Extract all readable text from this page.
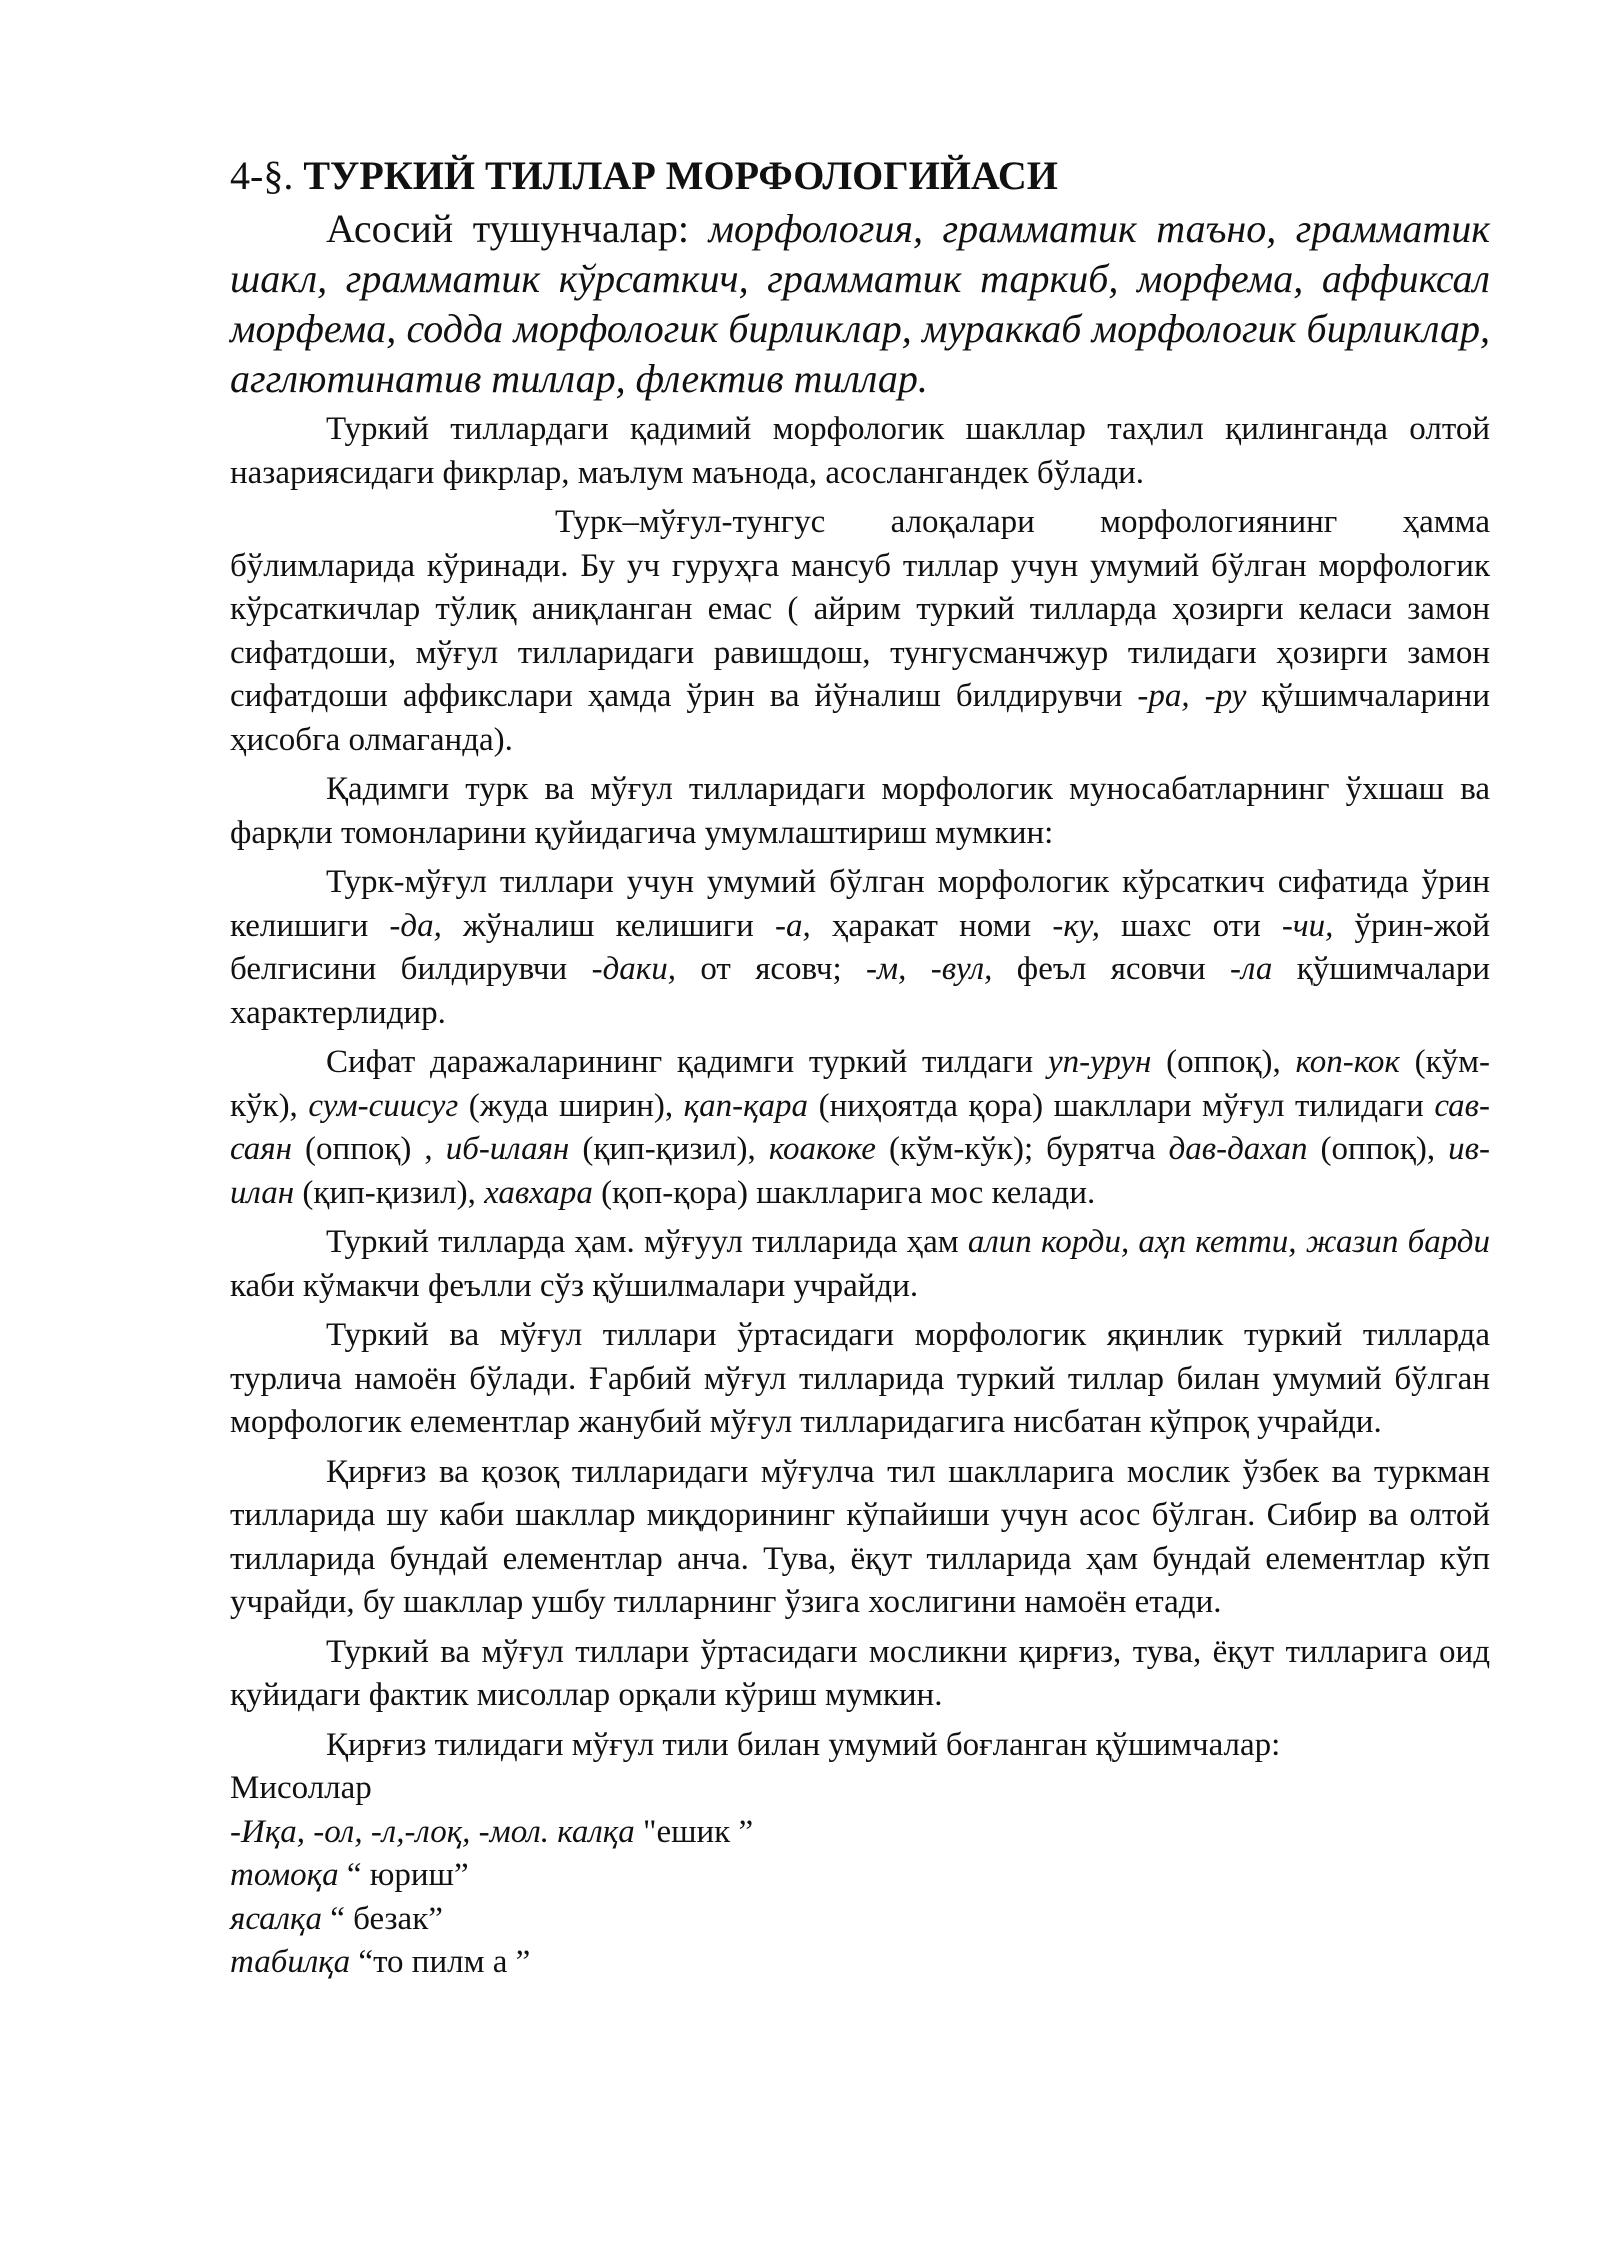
4-§. ТУРКИЙ ТИЛЛАР МОРФОЛОГИЙАСИ

Асосий тушунчалар: морфология, грамматик таъно, грамматик шакл, грамматик кўрсаткич, грамматик таркиб, морфема, аффиксал морфема, содда морфологик бирликлар, мураккаб морфологик бирликлар, агглютинатив тиллар, флектив тиллар.

Туркий тиллардаги қадимий морфологик шакллар таҳлил қилинганда олтой назариясидаги фикрлар, маълум маънода, асослангандек бўлади.

Турк–мўғул-тунгус алоқалари морфологиянинг ҳамма бўлимларида кўринади. Бу уч гуруҳга мансуб тиллар учун умумий бўлган морфологик кўрсаткичлар тўлиқ аниқланган емас ( айрим туркий тилларда ҳозирги келаси замон сифатдоши, мўғул тилларидаги равишдош, тунгусманчжур тилидаги ҳозирги замон сифатдоши аффикслари ҳамда ўрин ва йўналиш билдирувчи -ра, -ру қўшимчаларини ҳисобга олмаганда).

Қадимги турк ва мўғул тилларидаги морфологик муносабатларнинг ўхшаш ва фарқли томонларини қуйидагича умумлаштириш мумкин:

Турк-мўғул тиллари учун умумий бўлган морфологик кўрсаткич сифатида ўрин келишиги -да, жўналиш келишиги -а, ҳаракат номи -ку, шахс оти -чи, ўрин-жой белгисини билдирувчи -даки, от ясовч; -м, -вул, феъл ясовчи -ла қўшимчалари характерлидир.

Сифат даражаларининг қадимги туркий тилдаги уп-урун (оппоқ), коп-кок (кўм-кўк), сум-сиисуг (жуда ширин), қап-қара (ниҳоятда қора) шакллари мўғул тилидаги сав-саян (оппоқ) , иб-илаян (қип-қизил), коакоке (кўм-кўк); бурятча дав-дахап (оппоқ), ив-илан (қип-қизил), хавхара (қоп-қора) шаклларига мос келади.

Туркий тилларда ҳам. мўғуул тилларида ҳам алип корди, аҳп кетти, жазип барди каби кўмакчи феълли сўз қўшилмалари учрайди.

Туркий ва мўғул тиллари ўртасидаги морфологик яқинлик туркий тилларда турлича намоён бўлади. Ғарбий мўғул тилларида туркий тиллар билан умумий бўлган морфологик елементлар жанубий мўғул тилларидагига нисбатан кўпроқ учрайди.

Қирғиз ва қозоқ тилларидаги мўғулча тил шаклларига мослик ўзбек ва туркман тилларида шу каби шакллар миқдорининг кўпайиши учун асос бўлган. Сибир ва олтой тилларида бундай елементлар анча. Тува, ёқут тилларида ҳам бундай елементлар кўп учрайди, бу шакллар ушбу тилларнинг ўзига хослигини намоён етади.

Туркий ва мўғул тиллари ўртасидаги мосликни қирғиз, тува, ёқут тилларига оид қуйидаги фактик мисоллар орқали кўриш мумкин.

Қирғиз тилидаги мўғул тили билан умумий боғланган қўшимчалар:

Мисоллар

-Иқа, -ол, -л,-лоқ, -мол. калқа "ешик ”

томоқа “ юриш”

ясалқа “ безак”

табилқа “то пилм а ”
